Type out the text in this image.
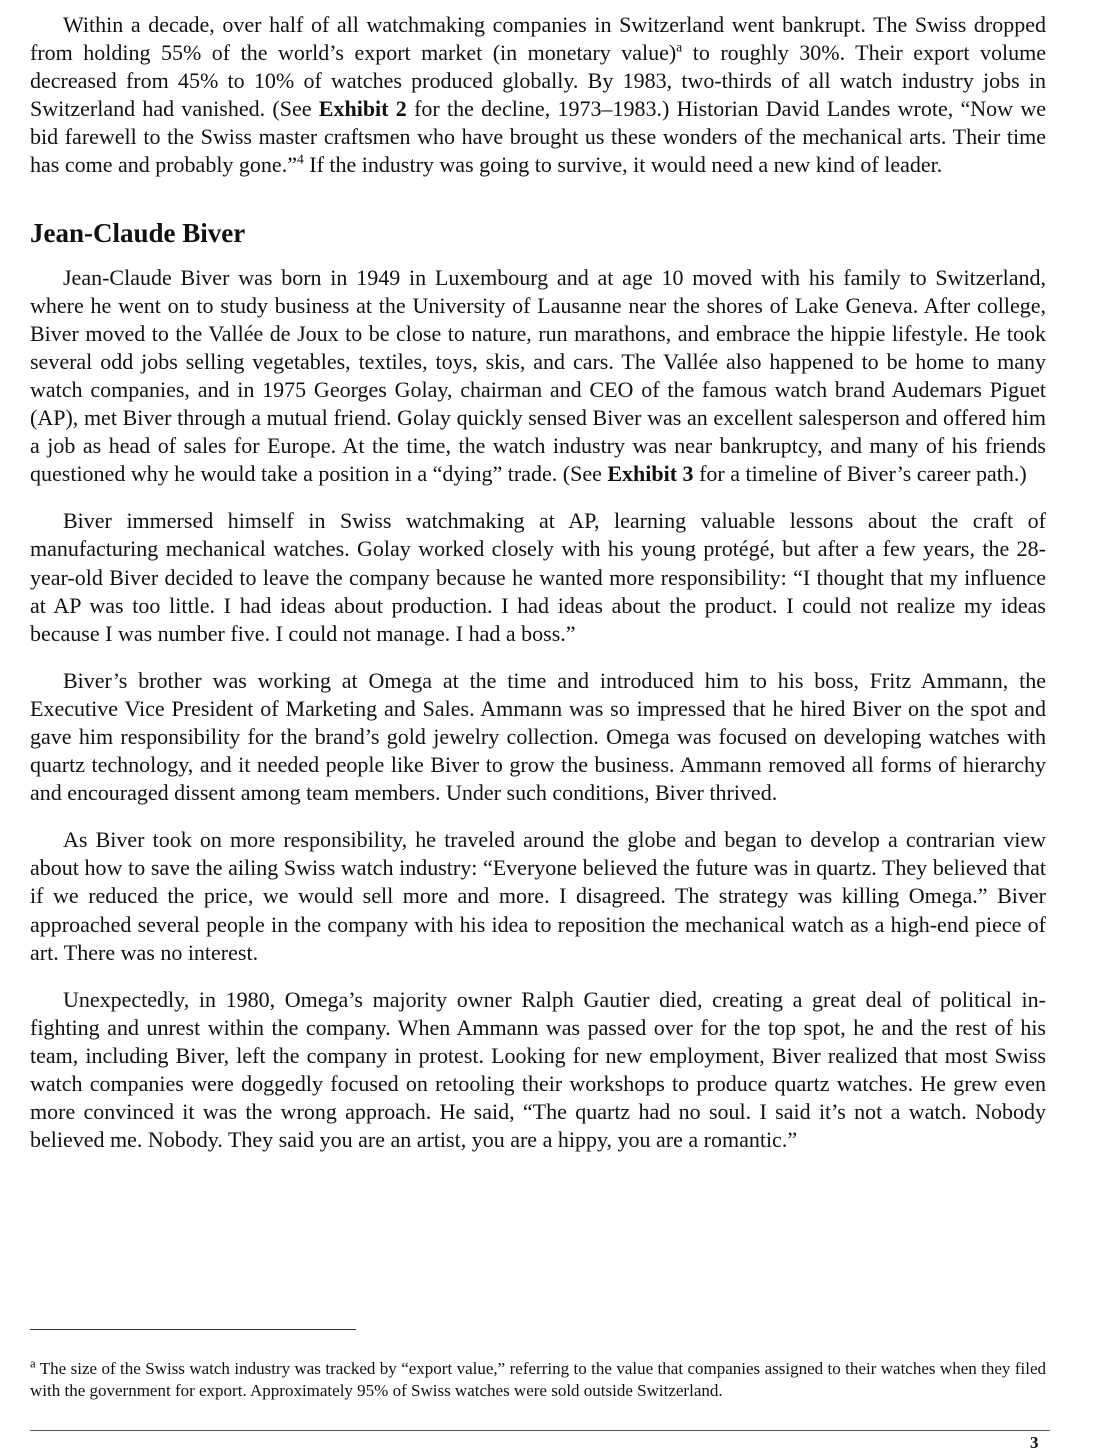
Within a decade, over half of all watchmaking companies in Switzerland went bankrupt. The Swiss dropped from holding 55% of the world’s export market (in monetary value)$^a$ to roughly 30%. Their export volume decreased from 45% to 10% of watches produced globally. By 1983, two-thirds of all watch industry jobs in Switzerland had vanished. (See Exhibit 2 for the decline, 1973–1983.) Historian David Landes wrote, “Now we bid farewell to the Swiss master craftsmen who have brought us these wonders of the mechanical arts. Their time has come and probably gone.”$^4$ If the industry was going to survive, it would need a new kind of leader.

Jean-Claude Biver

Jean-Claude Biver was born in 1949 in Luxembourg and at age 10 moved with his family to Switzerland, where he went on to study business at the University of Lausanne near the shores of Lake Geneva. After college, Biver moved to the Vallée de Joux to be close to nature, run marathons, and embrace the hippie lifestyle. He took several odd jobs selling vegetables, textiles, toys, skis, and cars. The Vallée also happened to be home to many watch companies, and in 1975 Georges Golay, chairman and CEO of the famous watch brand Audemars Piguet (AP), met Biver through a mutual friend. Golay quickly sensed Biver was an excellent salesperson and offered him a job as head of sales for Europe. At the time, the watch industry was near bankruptcy, and many of his friends questioned why he would take a position in a “dying” trade. (See Exhibit 3 for a timeline of Biver’s career path.)

Biver immersed himself in Swiss watchmaking at AP, learning valuable lessons about the craft of manufacturing mechanical watches. Golay worked closely with his young protégé, but after a few years, the 28-year-old Biver decided to leave the company because he wanted more responsibility: “I thought that my influence at AP was too little. I had ideas about production. I had ideas about the product. I could not realize my ideas because I was number five. I could not manage. I had a boss.”

Biver’s brother was working at Omega at the time and introduced him to his boss, Fritz Ammann, the Executive Vice President of Marketing and Sales. Ammann was so impressed that he hired Biver on the spot and gave him responsibility for the brand’s gold jewelry collection. Omega was focused on developing watches with quartz technology, and it needed people like Biver to grow the business. Ammann removed all forms of hierarchy and encouraged dissent among team members. Under such conditions, Biver thrived.

As Biver took on more responsibility, he traveled around the globe and began to develop a contrarian view about how to save the ailing Swiss watch industry: “Everyone believed the future was in quartz. They believed that if we reduced the price, we would sell more and more. I disagreed. The strategy was killing Omega.” Biver approached several people in the company with his idea to reposition the mechanical watch as a high-end piece of art. There was no interest.

Unexpectedly, in 1980, Omega’s majority owner Ralph Gautier died, creating a great deal of political in-fighting and unrest within the company. When Ammann was passed over for the top spot, he and the rest of his team, including Biver, left the company in protest. Looking for new employment, Biver realized that most Swiss watch companies were doggedly focused on retooling their workshops to produce quartz watches. He grew even more convinced it was the wrong approach. He said, “The quartz had no soul. I said it’s not a watch. Nobody believed me. Nobody. They said you are an artist, you are a hippy, you are a romantic.”

$^a$ The size of the Swiss watch industry was tracked by “export value,” referring to the value that companies assigned to their watches when they filed with the government for export. Approximately 95% of Swiss watches were sold outside Switzerland.

3
